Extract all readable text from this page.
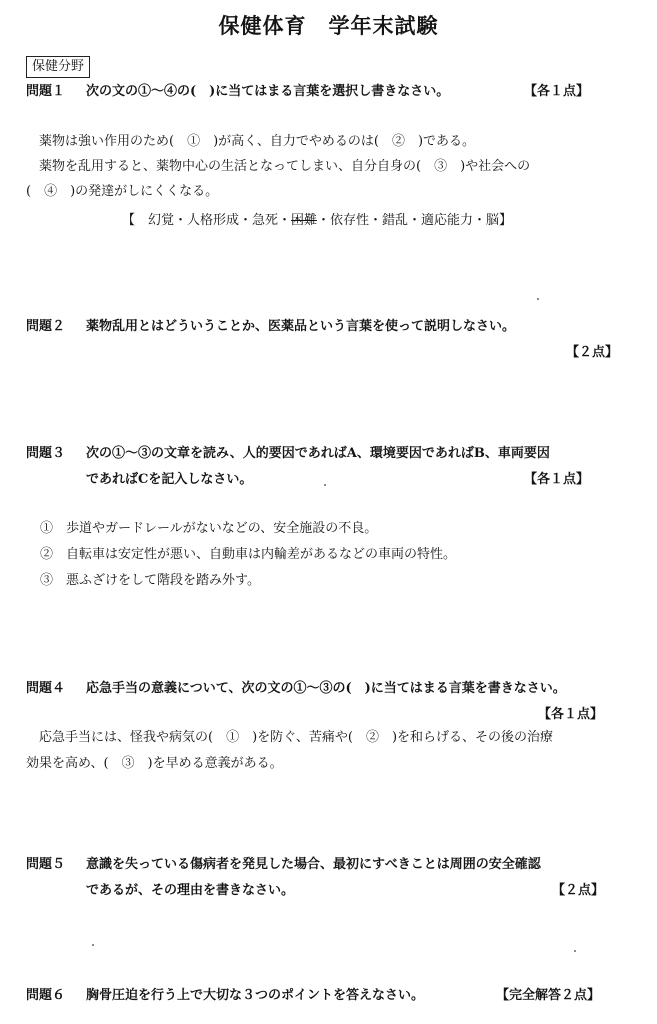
保健体育　学年末試験
保健分野
問題１ 次の文の①～④の(　)に当てはまる言葉を選択し書きなさい。	【各１点】
　薬物は強い作用のため(　①　)が高く、自力でやめるのは(　②　)である。
　薬物を乱用すると、薬物中心の生活となってしまい、自分自身の(　③　)や社会への
(　④　)の発達がしにくくなる。
【　幻覚・人格形成・急死・困難・依存性・錯乱・適応能力・脳】
問題２ 薬物乱用とはどういうことか、医薬品という言葉を使って説明しなさい。
【２点】
問題３ 次の①～③の文章を読み、人的要因であればA、環境要因であればB、車両要因
であればCを記入しなさい。	【各１点】
①　歩道やガードレールがないなどの、安全施設の不良。
②　自転車は安定性が悪い、自動車は内輪差があるなどの車両の特性。
③　悪ふざけをして階段を踏み外す。
問題４ 応急手当の意義について、次の文の①～③の(　)に当てはまる言葉を書きなさい。
【各１点】
　応急手当には、怪我や病気の(　①　)を防ぐ、苦痛や(　②　)を和らげる、その後の治療
効果を高め、(　③　)を早める意義がある。
問題５ 意識を失っている傷病者を発見した場合、最初にすべきことは周囲の安全確認
であるが、その理由を書きなさい。	【２点】
問題６ 胸骨圧迫を行う上で大切な３つのポイントを答えなさい。	【完全解答２点】
